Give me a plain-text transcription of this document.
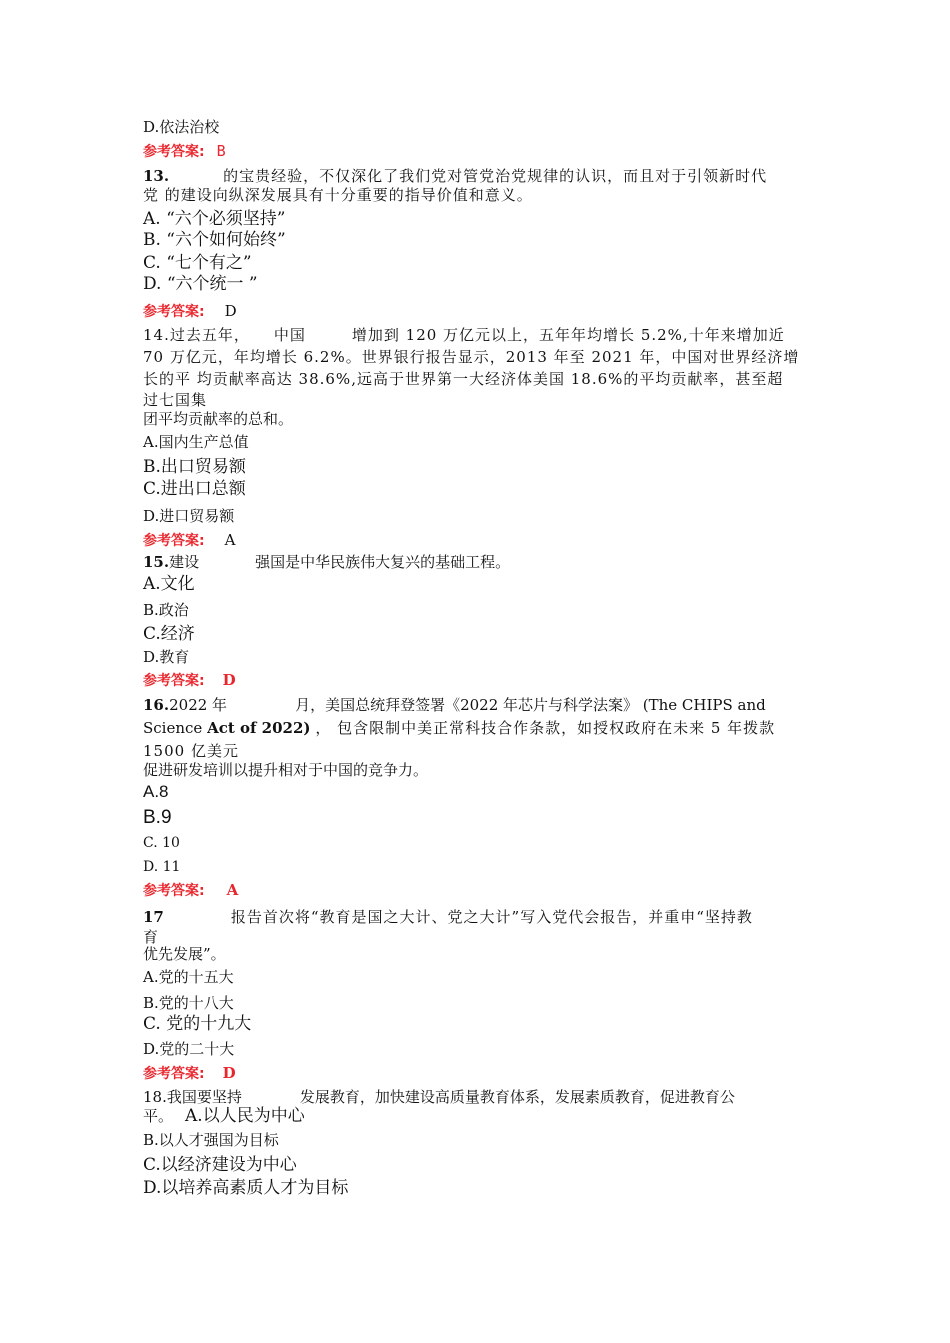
D.依法治校
参考答案: B
13.	的宝贵经验，不仅深化了我们党对管党治党规律的认识，而且对于引领新时代
党 的建设向纵深发展具有十分重要的指导价值和意义。
A. “六个必须坚持”
B. “六个如何始终”
C. “七个有之”
D. “六个统一 ”
参考答案: D
14.过去五年， 中国	增加到 120 万亿元以上，五年年均增长 5.2%,十年来增加近
70 万亿元，年均增长 6.2%。世界银行报告显示，2013 年至 2021 年，中国对世界经济增
长的平 均贡献率高达 38.6%,远高于世界第一大经济体美国 18.6%的平均贡献率，甚至超
过七国集
团平均贡献率的总和。
A.国内生产总值
B.出口贸易额
C.进出口总额
D.进口贸易额
参考答案: A
15.建设	强国是中华民族伟大复兴的基础工程。
A.文化
B.政治
C.经济
D.教育
参考答案: D
16.2022 年	月，美国总统拜登签署《2022 年芯片与科学法案》 (The CHIPS and
Science Act of 2022) ， 包含限制中美正常科技合作条款，如授权政府在未来 5 年拨款
1500 亿美元
促进研发培训以提升相对于中国的竞争力。
A.8
B.9
C. 10
D. 11
参考答案: A
17	报告首次将“教育是国之大计、党之大计”写入党代会报告，并重申“坚持教
育
优先发展”。
A.党的十五大
B.党的十八大
C. 党的十九大
D.党的二十大
参考答案: D
18.我国要坚持	发展教育，加快建设高质量教育体系，发展素质教育，促进教育公
平。 A.以人民为中心
B.以人才强国为目标
C.以经济建设为中心
D.以培养高素质人才为目标
